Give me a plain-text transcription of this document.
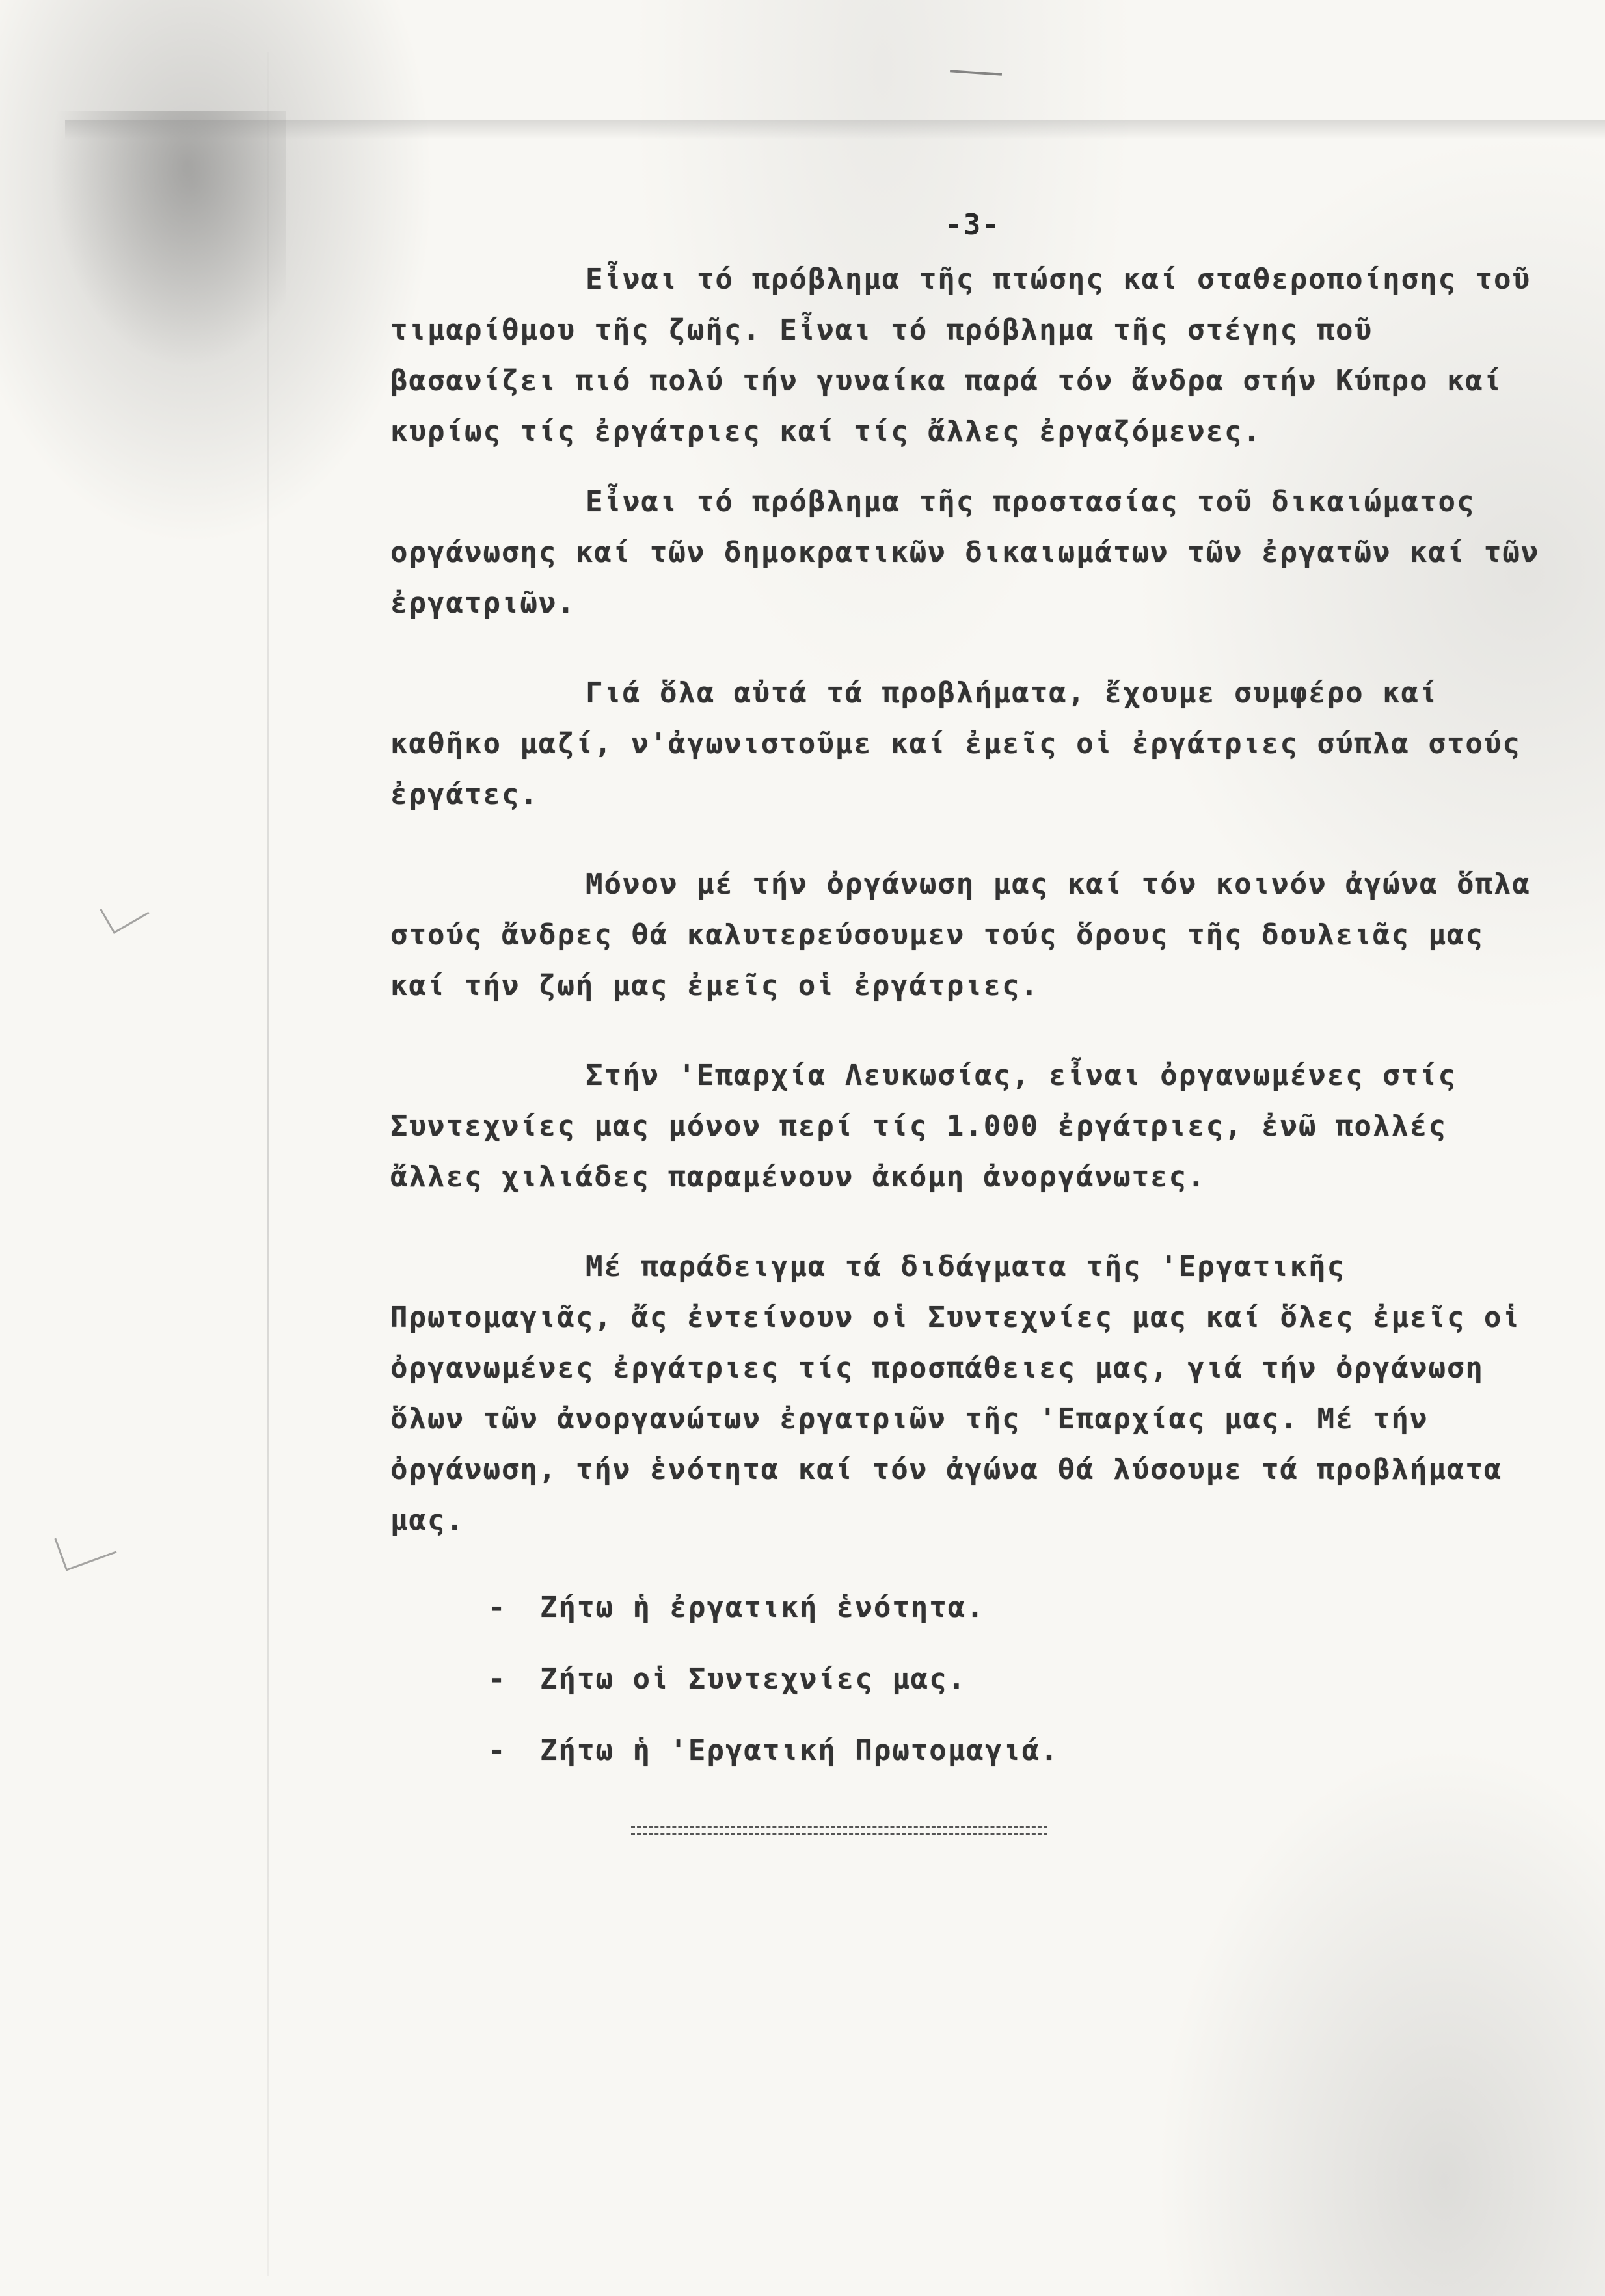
-3-

Εἶναι τό πρόβλημα τῆς πτώσης καί σταθεροποίησης τοῦ τιμαρίθμου τῆς ζωῆς. Εἶναι τό πρόβλημα τῆς στέγης ποῦ βασανίζει πιό πολύ τήν γυναίκα παρά τόν ἄνδρα στήν Κύπρο καί κυρίως τίς ἐργάτριες καί τίς ἄλλες ἐργαζόμενες.

Εἶναι τό πρόβλημα τῆς προστασίας τοῦ δικαιώματος οργάνωσης καί τῶν δημοκρατικῶν δικαιωμάτων τῶν ἐργατῶν καί τῶν ἐργατριῶν.

Γιά ὅλα αὐτά τά προβλήματα, ἔχουμε συμφέρο καί καθῆκο μαζί, ν'ἀγωνιστοῦμε καί ἐμεῖς οἱ ἐργάτριες σύπλα στούς ἐργάτες.

Μόνον μέ τήν ὀργάνωση μας καί τόν κοινόν ἀγώνα ὅπλα στούς ἄνδρες θά καλυτερεύσουμεν τούς ὅρους τῆς δουλειᾶς μας καί τήν ζωή μας ἐμεῖς οἱ ἐργάτριες.

Στήν 'Επαρχία Λευκωσίας, εἶναι ὀργανωμένες στίς Συντεχνίες μας μόνον περί τίς 1.000 ἐργάτριες, ἐνῶ πολλές ἄλλες χιλιάδες παραμένουν ἀκόμη ἀνοργάνωτες.

Μέ παράδειγμα τά διδάγματα τῆς 'Εργατικῆς Πρωτομαγιᾶς, ἄς ἐντείνουν οἱ Συντεχνίες μας καί ὅλες ἐμεῖς οἱ ὀργανωμένες ἐργάτριες τίς προσπάθειες μας, γιά τήν ὀργάνωση ὅλων τῶν ἀνοργανώτων ἐργατριῶν τῆς 'Επαρχίας μας. Μέ τήν ὀργάνωση, τήν ἑνότητα καί τόν ἀγώνα θά λύσουμε τά προβλήματα μας.

-	Ζήτω ἡ ἐργατική ἑνότητα.
-	Ζήτω οἱ Συντεχνίες μας.
-	Ζήτω ἡ 'Εργατική Πρωτομαγιά.
